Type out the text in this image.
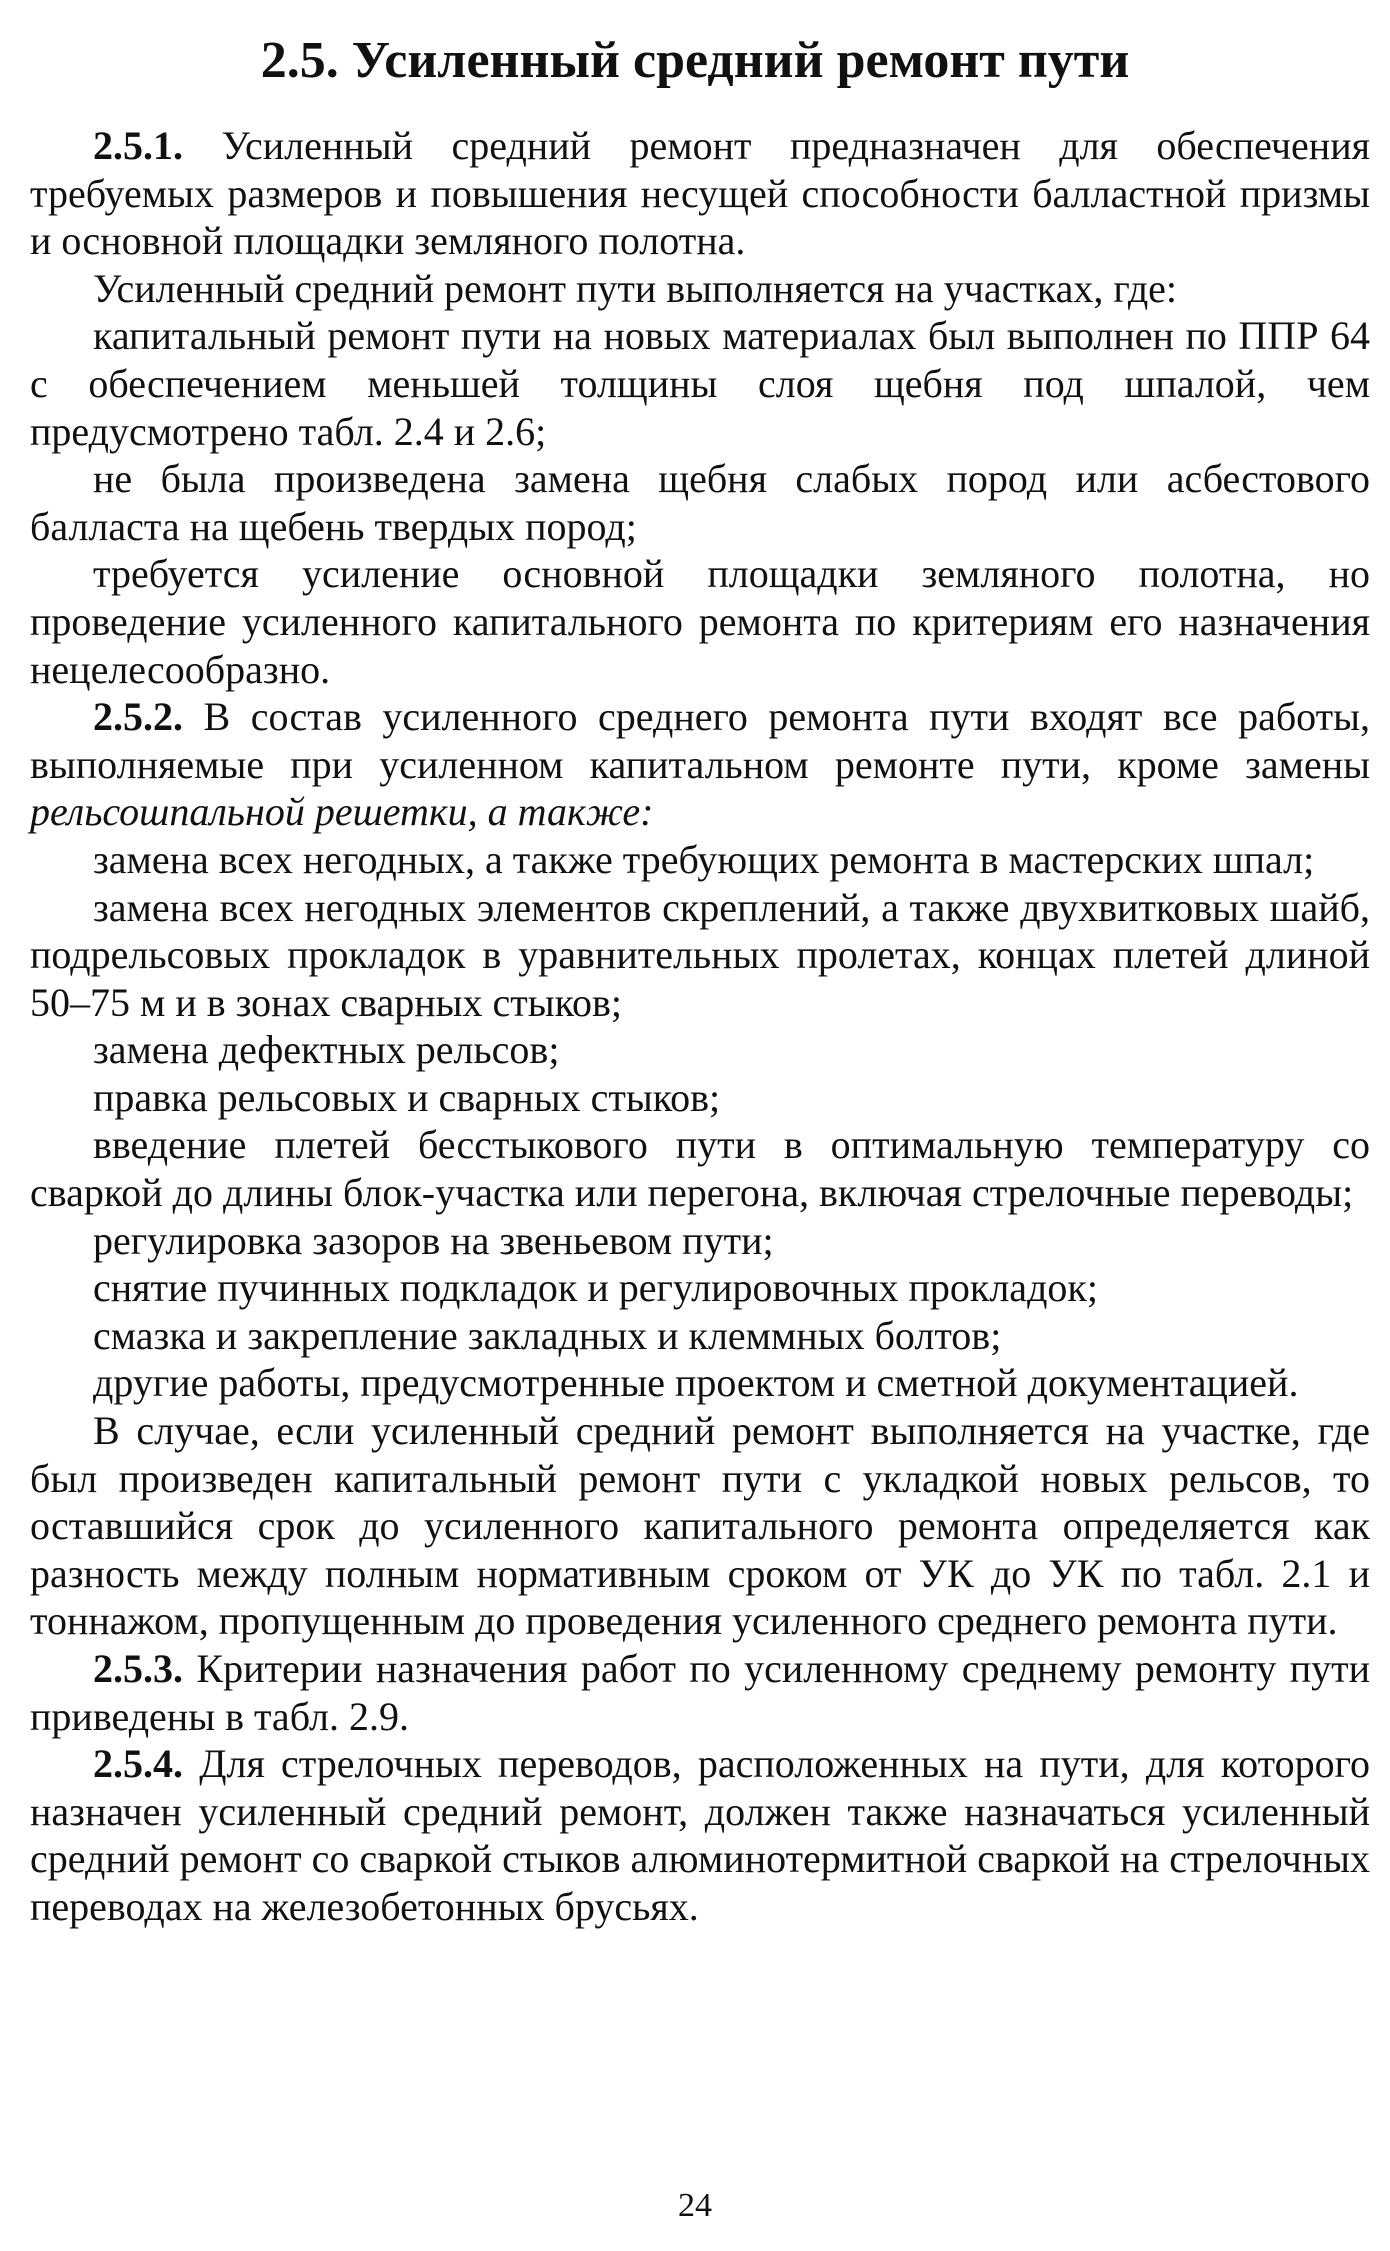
2.5. Усиленный средний ремонт пути

2.5.1. Усиленный средний ремонт предназначен для обеспечения требуемых размеров и повышения несущей способности балластной призмы и основной площадки земляного полотна.

Усиленный средний ремонт пути выполняется на участках, где:

капитальный ремонт пути на новых материалах был выполнен по ППР 64 с обеспечением меньшей толщины слоя щебня под шпалой, чем предусмотрено табл. 2.4 и 2.6;

не была произведена замена щебня слабых пород или асбестового балласта на щебень твердых пород;

требуется усиление основной площадки земляного полотна, но проведение усиленного капитального ремонта по критериям его назначения нецелесообразно.

2.5.2. В состав усиленного среднего ремонта пути входят все работы, выполняемые при усиленном капитальном ремонте пути, кроме замены рельсошпальной решетки, а также:

замена всех негодных, а также требующих ремонта в мастерских шпал;

замена всех негодных элементов скреплений, а также двухвитковых шайб, подрельсовых прокладок в уравнительных пролетах, концах плетей длиной 50–75 м и в зонах сварных стыков;

замена дефектных рельсов;

правка рельсовых и сварных стыков;

введение плетей бесстыкового пути в оптимальную температуру со сваркой до длины блок-участка или перегона, включая стрелочные переводы;

регулировка зазоров на звеньевом пути;

снятие пучинных подкладок и регулировочных прокладок;

смазка и закрепление закладных и клеммных болтов;

другие работы, предусмотренные проектом и сметной документацией.

В случае, если усиленный средний ремонт выполняется на участке, где был произведен капитальный ремонт пути с укладкой новых рельсов, то оставшийся срок до усиленного капитального ремонта определяется как разность между полным нормативным сроком от УК до УК по табл. 2.1 и тоннажом, пропущенным до проведения усиленного среднего ремонта пути.

2.5.3. Критерии назначения работ по усиленному среднему ремонту пути приведены в табл. 2.9.

2.5.4. Для стрелочных переводов, расположенных на пути, для которого назначен усиленный средний ремонт, должен также назначаться усиленный средний ремонт со сваркой стыков алюминотермитной сваркой на стрелочных переводах на железобетонных брусьях.

24
